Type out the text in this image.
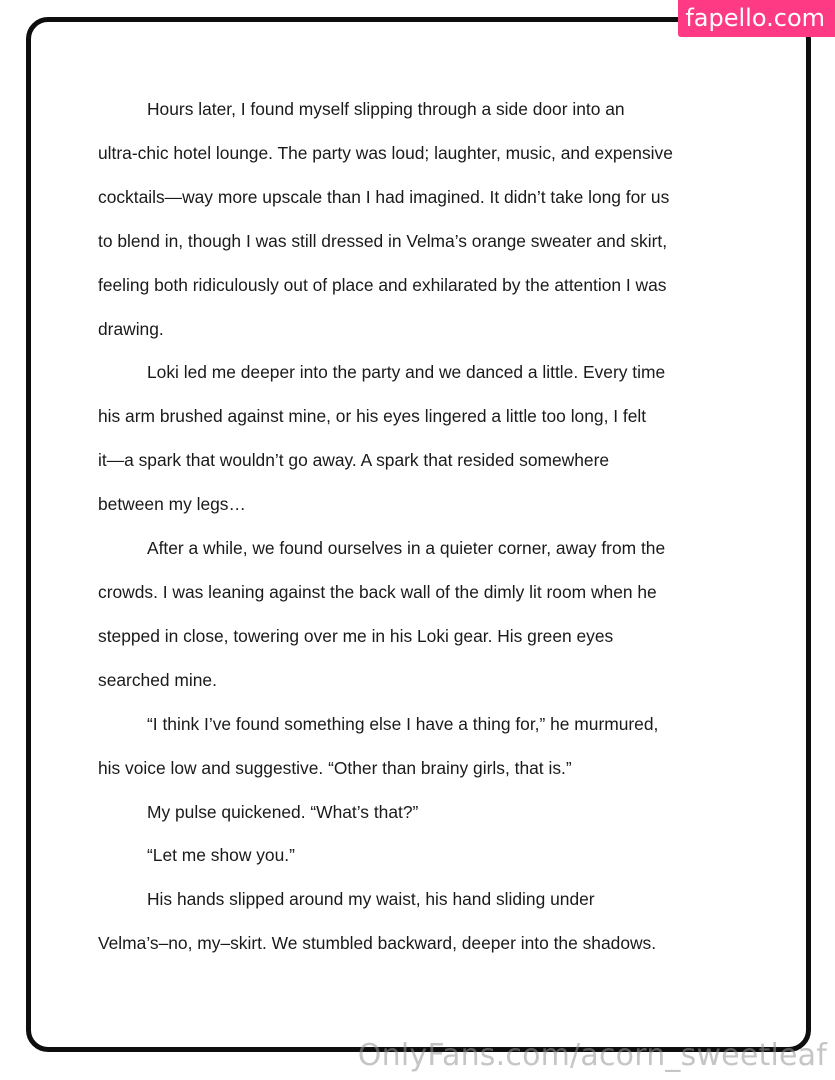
Hours later, I found myself slipping through a side door into an
ultra-chic hotel lounge. The party was loud; laughter, music, and expensive
cocktails—way more upscale than I had imagined. It didn’t take long for us
to blend in, though I was still dressed in Velma’s orange sweater and skirt,
feeling both ridiculously out of place and exhilarated by the attention I was
drawing.

Loki led me deeper into the party and we danced a little. Every time
his arm brushed against mine, or his eyes lingered a little too long, I felt
it—a spark that wouldn’t go away. A spark that resided somewhere
between my legs…

After a while, we found ourselves in a quieter corner, away from the
crowds. I was leaning against the back wall of the dimly lit room when he
stepped in close, towering over me in his Loki gear. His green eyes
searched mine.

“I think I’ve found something else I have a thing for,” he murmured,
his voice low and suggestive. “Other than brainy girls, that is.”

My pulse quickened. “What’s that?”

“Let me show you.”

His hands slipped around my waist, his hand sliding under
Velma’s–no, my–skirt. We stumbled backward, deeper into the shadows.

fapello.com
OnlyFans.com/acorn_sweetleaf
